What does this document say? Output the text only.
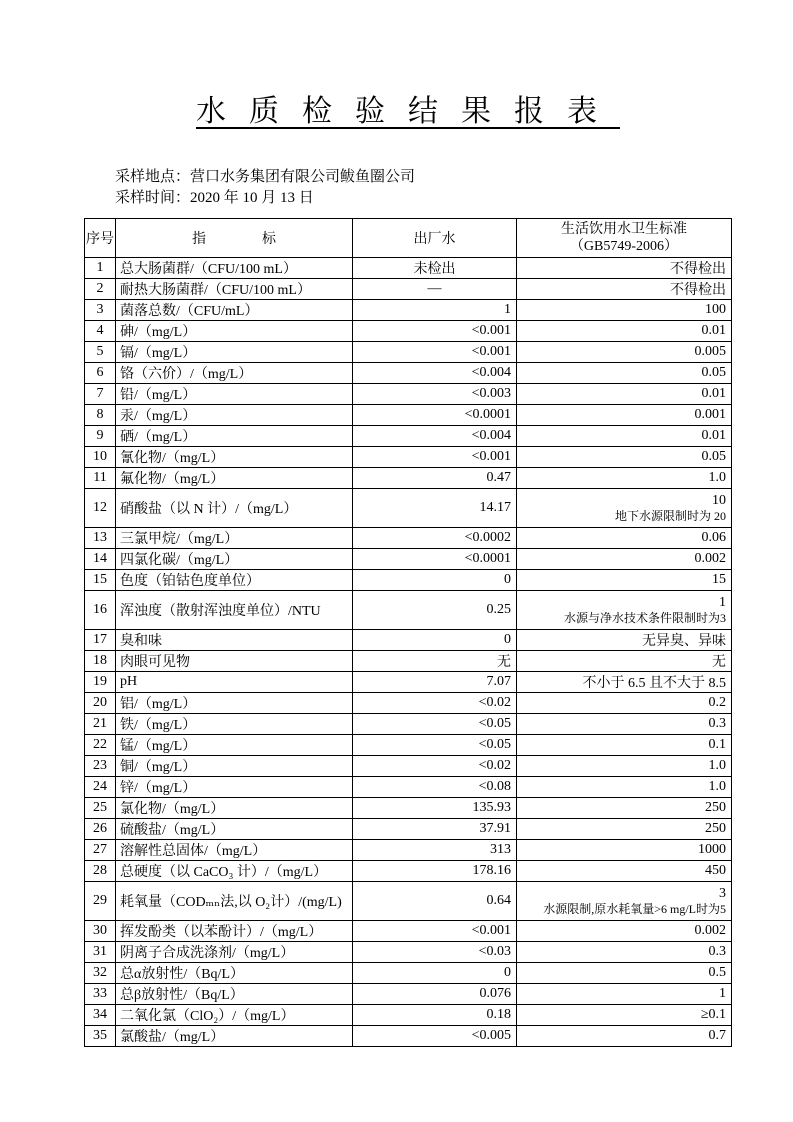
水质检验结果报表
采样地点：营口水务集团有限公司鲅鱼圈公司
采样时间：2020 年 10 月 13 日
序号	指　　　　标	出厂水	生活饮用水卫生标准
（GB5749-2006）

1	总大肠菌群/（CFU/100 mL）	未检出	不得检出
2	耐热大肠菌群/（CFU/100 mL）	—	不得检出
3	菌落总数/（CFU/mL）	1	100
4	砷/（mg/L）	<0.001	0.01
5	镉/（mg/L）	<0.001	0.005
6	铬（六价）/（mg/L）	<0.004	0.05
7	铅/（mg/L）	<0.003	0.01
8	汞/（mg/L）	<0.0001	0.001
9	硒/（mg/L）	<0.004	0.01
10	氰化物/（mg/L）	<0.001	0.05
11	氟化物/（mg/L）	0.47	1.0
12	硝酸盐（以 N 计）/（mg/L）	14.17	10
地下水源限制时为 20

13	三氯甲烷/（mg/L）	<0.0002	0.06
14	四氯化碳/（mg/L）	<0.0001	0.002
15	色度（铂钴色度单位）	0	15
16	浑浊度（散射浑浊度单位）/NTU	0.25	1
水源与净水技术条件限制时为3

17	臭和味	0	无异臭、异味
18	肉眼可见物	无	无
19	pH	7.07	不小于 6.5 且不大于 8.5
20	铝/（mg/L）	<0.02	0.2
21	铁/（mg/L）	<0.05	0.3
22	锰/（mg/L）	<0.05	0.1
23	铜/（mg/L）	<0.02	1.0
24	锌/（mg/L）	<0.08	1.0
25	氯化物/（mg/L）	135.93	250
26	硫酸盐/（mg/L）	37.91	250
27	溶解性总固体/（mg/L）	313	1000
28	总硬度（以 CaCO₃ 计）/（mg/L）	178.16	450
29	耗氧量（CODₘₙ法,以 O₂计）/(mg/L)	0.64	3
水源限制,原水耗氧量>6 mg/L时为5

30	挥发酚类（以苯酚计）/（mg/L）	<0.001	0.002
31	阴离子合成洗涤剂/（mg/L）	<0.03	0.3
32	总α放射性/（Bq/L）	0	0.5
33	总β放射性/（Bq/L）	0.076	1
34	二氧化氯（ClO₂）/（mg/L）	0.18	≥0.1
35	氯酸盐/（mg/L）	<0.005	0.7
